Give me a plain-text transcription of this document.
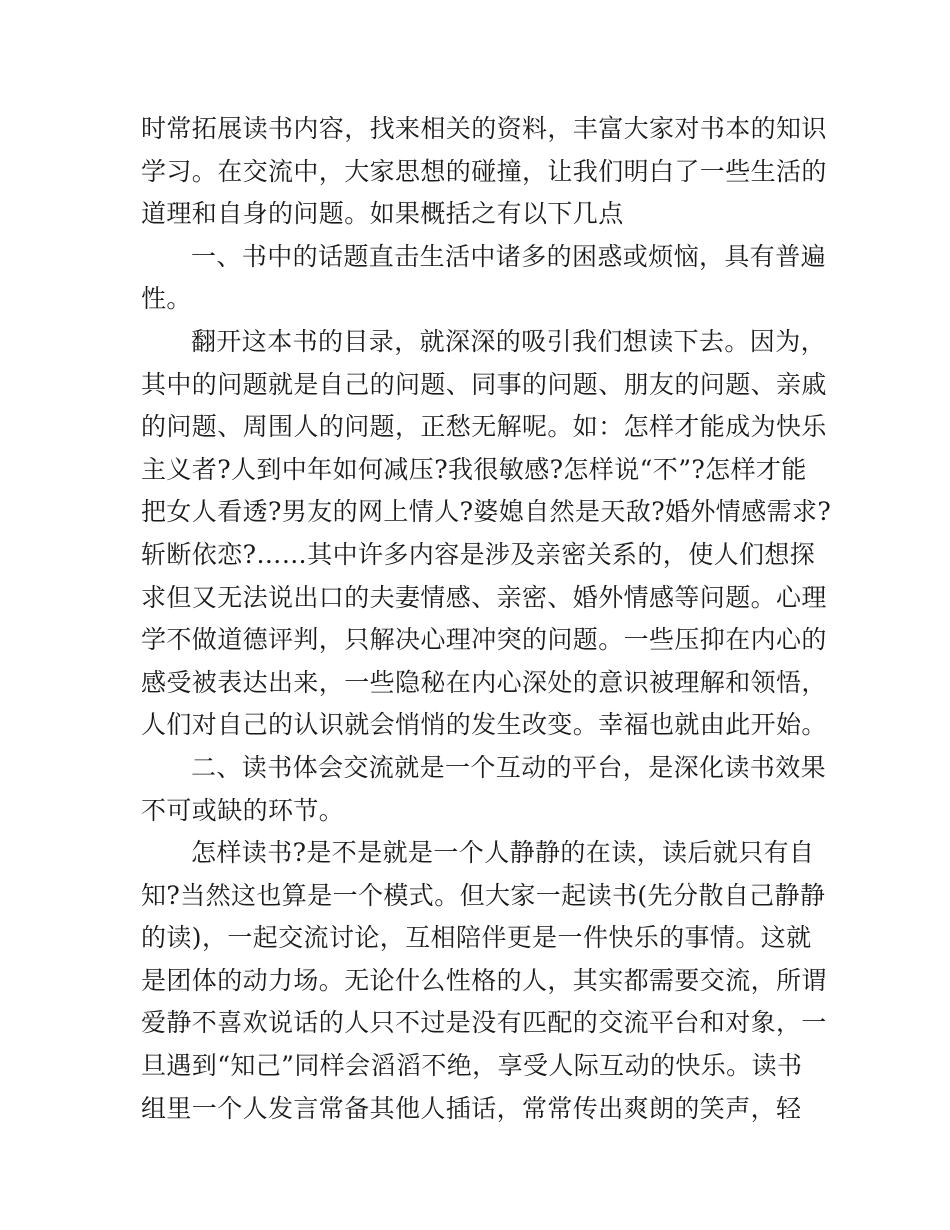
时常拓展读书内容，找来相关的资料，丰富大家对书本的知识
学习。在交流中，大家思想的碰撞，让我们明白了一些生活的
道理和自身的问题。如果概括之有以下几点
一、书中的话题直击生活中诸多的困惑或烦恼，具有普遍
性。
翻开这本书的目录，就深深的吸引我们想读下去。因为，
其中的问题就是自己的问题、同事的问题、朋友的问题、亲戚
的问题、周围人的问题，正愁无解呢。如：怎样才能成为快乐
主义者?人到中年如何减压?我很敏感?怎样说“不”?怎样才能
把女人看透?男友的网上情人?婆媳自然是天敌?婚外情感需求?
斩断依恋?……其中许多内容是涉及亲密关系的，使人们想探
求但又无法说出口的夫妻情感、亲密、婚外情感等问题。心理
学不做道德评判，只解决心理冲突的问题。一些压抑在内心的
感受被表达出来，一些隐秘在内心深处的意识被理解和领悟，
人们对自己的认识就会悄悄的发生改变。幸福也就由此开始。
二、读书体会交流就是一个互动的平台，是深化读书效果
不可或缺的环节。
怎样读书?是不是就是一个人静静的在读，读后就只有自
知?当然这也算是一个模式。但大家一起读书(先分散自己静静
的读)，一起交流讨论，互相陪伴更是一件快乐的事情。这就
是团体的动力场。无论什么性格的人，其实都需要交流，所谓
爱静不喜欢说话的人只不过是没有匹配的交流平台和对象，一
旦遇到“知己”同样会滔滔不绝，享受人际互动的快乐。读书
组里一个人发言常备其他人插话，常常传出爽朗的笑声，轻
